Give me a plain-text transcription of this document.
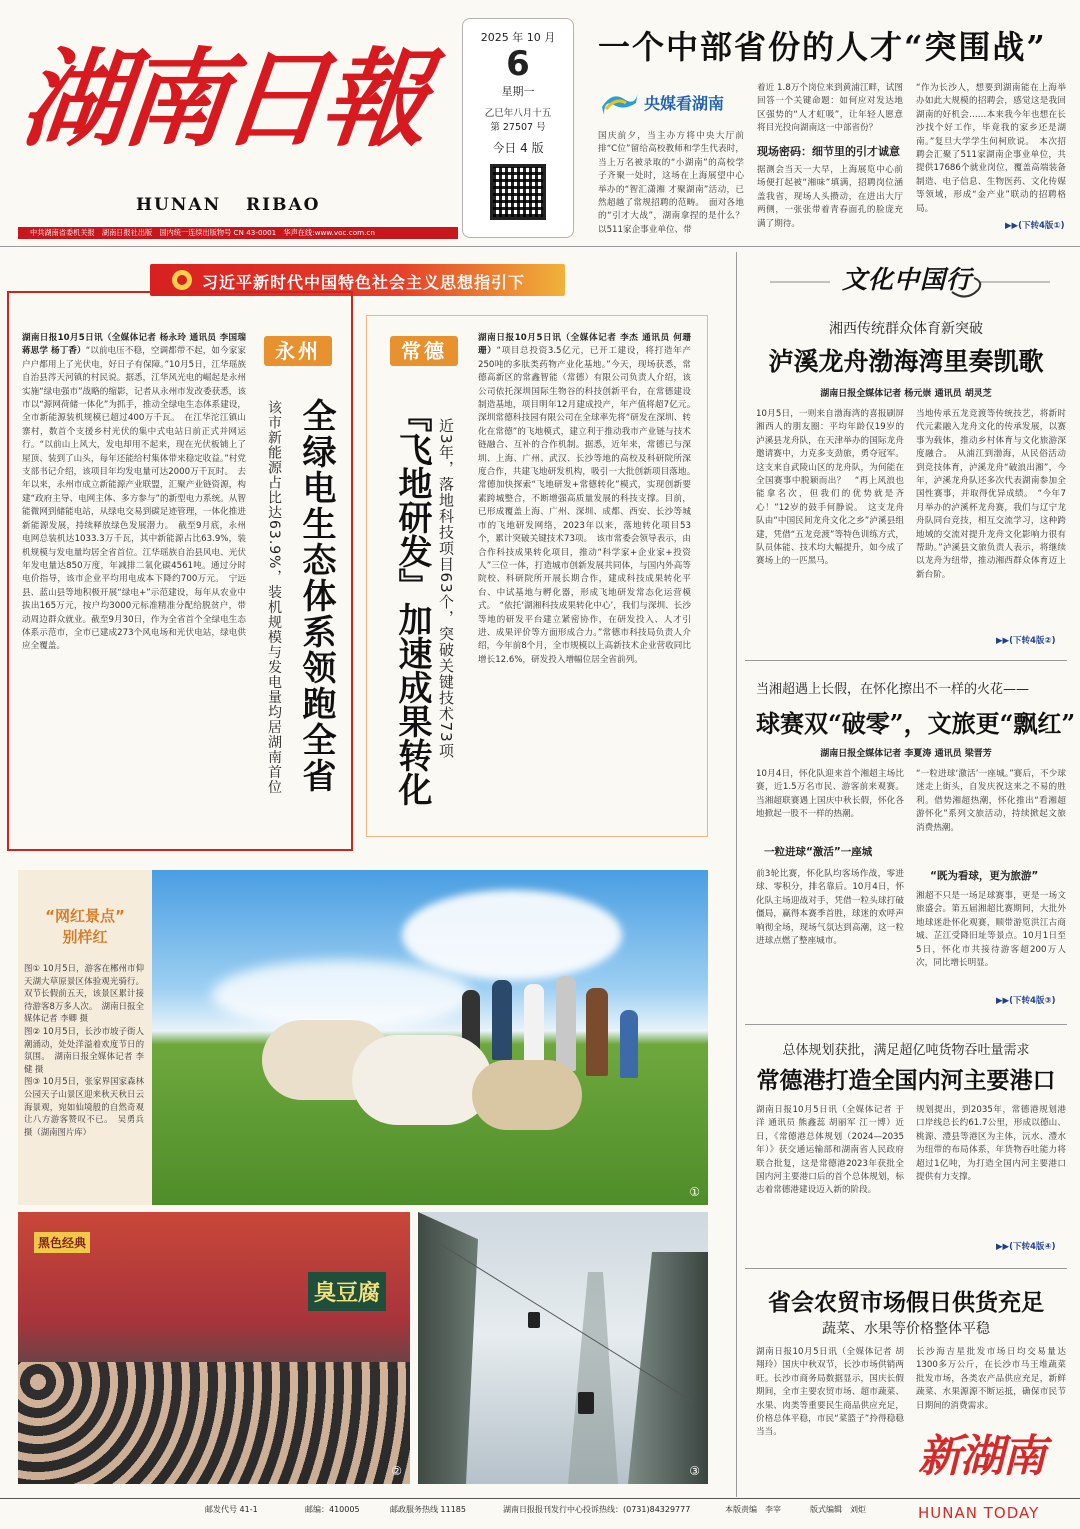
湖南日報
HUNAN RIBAO
中共湖南省委机关报　湖南日报社出版　国内统一连续出版物号 CN 43-0001　华声在线:www.voc.com.cn
2025 年 10 月
6
星期一
乙巳年八月十五
第 27507 号
今日 4 版
一个中部省份的人才“突围战”
央媒看湖南
国庆前夕，当主办方将中央大厅前排“C位”留给高校教师和学生代表时，当上万名被录取的“小湖南”的高校学子齐聚一处时，这场在上海展望中心举办的“智汇潇湘 才聚湖南”活动，已然超越了常规招聘的范畴。　面对各地的“引才大战”，湖南拿捏的是什么？以511家企事业单位、带
着近 1.8万个岗位来到黄浦江畔，试图回答一个关键命题：如何应对发达地区强势的“人才虹吸”，让年轻人愿意将目光投向湖南这一中部省份？
现场密码：细节里的引才诚意
据测会当天一大早，上海展览中心前场便打起被“湘味”填满，招聘岗位涵盖我省，现场人头攒动，在进出大厅两侧，一张张带着青春面孔的脸庞充满了期待。
“作为长沙人，想要到湖南能在上海举办如此大规模的招聘会，感觉这是我回湖南的好机会……本来我今年也想在长沙找个好工作，毕竟我的家乡还是湖南。”复旦大学学生何柯欣说。　本次招聘会汇聚了511家湖南企事业单位，共提供17686个就业岗位，覆盖高端装备制造、电子信息、生物医药、文化传媒等领域，形成“金产业”联动的招聘格局。
▶▶(下转4版①)
习近平新时代中国特色社会主义思想指引下
湖南日报10月5日讯（全媒体记者 杨永玲 通讯员 李国瑞 蒋思学 杨丁香）“以前电压不稳，空调都带不起，如今家家户户都用上了光伏电，好日子有保障。”10月5日，江华瑶族自治县涔天河镇的村民说。据悉，江华风光电的崛起是永州实施“绿电强市”战略的缩影，记者从永州市发改委获悉，该市以“源网荷储一体化”为抓手，推动全绿电生态体系建设，全市新能源装机规模已超过400万千瓦。　在江华沱江镇山寨村，数首个支援乡村光伏的集中式电站日前正式并网运行。“以前山上风大，发电却用不起来，现在光伏板铺上了屋顶、装到了山头，每年还能给村集体带来稳定收益。”村党支部书记介绍，该项目年均发电量可达2000万千瓦时。　去年以来，永州市成立新能源产业联盟，汇聚产业链资源，构建“政府主导、电网主体、多方参与”的新型电力系统。从智能微网到储能电站，从绿电交易到碳足迹管理，一体化推进新能源发展，持续释放绿色发展潜力。　截至9月底，永州电网总装机达1033.3万千瓦，其中新能源占比63.9%，装机规模与发电量均居全省首位。江华瑶族自治县风电、光伏年发电量达850万度，年减排二氧化碳4561吨。通过分时电价指导，该市企业平均用电成本下降约700万元。　宁远县、蓝山县等地积极开展“绿电+”示范建设，每年从农业中拔出165万元，按户均3000元标准精准分配给脱贫户，带动周边群众就业。截至9月30日，作为全省首个全绿电生态体系示范市，全市已建成273个风电场和光伏电站，绿电供应全覆盖。
永州
全绿电生态体系领跑全省
该市新能源占比达63.9%，装机规模与发电量均居湖南首位
常德
『飞地研发』加速成果转化 近3年，落地科技项目63个，突破关键技术73项
湖南日报10月5日讯（全媒体记者 李杰 通讯员 何珊珊）“项目总投资3.5亿元，已开工建设，将打造年产250吨的多肽类药物产业化基地。”今天，现场获悉，常德高新区的常鑫智能（常德）有限公司负责人介绍，该公司依托深圳国际生物谷的科技创新平台，在常德建设制造基地，项目明年12月建成投产，年产值将超7亿元。　深圳常德科技园有限公司在全球率先将“研发在深圳、转化在常德”的飞地模式，建立利于推动我市产业链与技术链融合、互补的合作机制。据悉，近年来，常德已与深圳、上海、广州、武汉、长沙等地的高校及科研院所深度合作，共建飞地研发机构，吸引一大批创新项目落地。　常德加快探索“飞地研发+常德转化”模式，实现创新要素跨城整合，不断增强高质量发展的科技支撑。目前，已形成覆盖上海、广州、深圳、成都、西安、长沙等城市的飞地研发网络，2023年以来，落地转化项目53个，累计突破关键技术73项。　该市常委会领导表示，由合作科技成果转化项目，推动“科学家+企业家+投资人”三位一体，打造城市创新发展共同体，与国内外高等院校、科研院所开展长期合作，建成科技成果转化平台、中试基地与孵化器，形成飞地研发常态化运营模式。　“依托‘湖湘科技成果转化中心’，我们与深圳、长沙等地的研发平台建立紧密协作，在研发投入、人才引进、成果评价等方面形成合力。”常德市科技局负责人介绍，今年前8个月，全市规模以上高新技术企业营收同比增长12.6%，研发投入增幅位居全省前列。
文化中国行
湘西传统群众体育新突破
泸溪龙舟渤海湾里奏凯歌
湖南日报全媒体记者 杨元崇 通讯员 胡灵芝
10月5日，一则来自渤海湾的喜报刷屏湘西人的朋友圈：平均年龄仅19岁的泸溪县龙舟队，在天津举办的国际龙舟邀请赛中，力克多支劲旅，勇夺冠军。这支来自武陵山区的龙舟队，为何能在全国赛事中脱颖而出？　“再上风浪也能拿名次，但我们的优势就是齐心！”12岁的鼓手何静说。　这支龙舟队由“中国民间龙舟文化之乡”泸溪县组建，凭借“五龙竞渡”等特色训练方式，队员体能、技术均大幅提升，如今成了赛场上的一匹黑马。
当地传承五龙竞渡等传统技艺，将新时代元素融入龙舟文化的传承发展，以赛事为载体，推动乡村体育与文化旅游深度融合。　从浦江到渤海，从民俗活动到竞技体育，泸溪龙舟“破浪出湘”，今年，泸溪龙舟队还多次代表湖南参加全国性赛事，并取得优异成绩。　“今年7月举办的泸溪杯龙舟赛，我们与辽宁龙舟队同台竞技，相互交流学习，这种跨地域的交流对提升龙舟文化影响力很有帮助。”泸溪县文旅负责人表示，将继续以龙舟为纽带，推动湘西群众体育迈上新台阶。
▶▶(下转4版②)
当湘超遇上长假，在怀化擦出不一样的火花——
球赛双“破零”，文旅更“飘红”
湖南日报全媒体记者 李夏涛 通讯员 梁晋芳
10月4日，怀化队迎来首个湘超主场比赛，近1.5万名市民、游客前来观赛。当湘超联赛遇上国庆中秋长假，怀化各地掀起一股不一样的热潮。
一粒进球“激活”一座城
前3轮比赛，怀化队均客场作战，零进球、零积分，排名靠后。10月4日，怀化队主场迎战对手，凭借一粒头球打破僵局，赢得本赛季首胜，球迷的欢呼声响彻全场，现场气氛达到高潮，这一粒进球点燃了整座城市。
“一粒进球‘激活’一座城。”赛后，不少球迷走上街头，自发庆祝这来之不易的胜利。借势湘超热潮，怀化推出“看湘超 游怀化”系列文旅活动，持续掀起文旅消费热潮。
“既为看球，更为旅游”
湘超不只是一场足球赛事，更是一场文旅盛会。第五届湘超比赛期间，大批外地球迷赴怀化观赛，顺带游览洪江古商城、芷江受降旧址等景点。10月1日至5日，怀化市共接待游客超200万人次，同比增长明显。
▶▶(下转4版③)
总体规划获批，满足超亿吨货物吞吐量需求
常德港打造全国内河主要港口
湖南日报10月5日讯（全媒体记者 于洋 通讯员 熊鑫蕊 胡丽军 江一博）近日，《常德港总体规划（2024—2035年）》获交通运输部和湖南省人民政府联合批复，这是常德港2023年获批全国内河主要港口后的首个总体规划，标志着常德港建设迈入新的阶段。
规划提出，到2035年，常德港规划港口岸线总长约61.7公里，形成以德山、桃源、澧县等港区为主体，沅水、澧水为纽带的布局体系，年货物吞吐能力将超过1亿吨，为打造全国内河主要港口提供有力支撑。
▶▶(下转4版④)
省会农贸市场假日供货充足
蔬菜、水果等价格整体平稳
湖南日报10月5日讯（全媒体记者 胡翔玲）国庆中秋双节，长沙市场供销两旺。长沙市商务局数据显示，国庆长假期间，全市主要农贸市场、超市蔬菜、水果、肉类等重要民生商品供应充足，价格总体平稳，市民“菜篮子”拎得稳稳当当。
长沙海吉星批发市场日均交易量达1300多万公斤，在长沙市马王堆蔬菜批发市场，各类农产品供应充足，新鲜蔬菜、水果源源不断运抵，确保市民节日期间的消费需求。
“网红景点”
别样红
图① 10月5日，游客在郴州市仰天湖大草原景区体验观光骑行。双节长假前五天，该景区累计接待游客8万多人次。　湖南日报全媒体记者 李卿 摄
图② 10月5日，长沙市坡子街人潮涌动，处处洋溢着欢度节日的氛围。　湖南日报全媒体记者 李健 摄
图③ 10月5日，张家界国家森林公园天子山景区迎来秋天秋日云海景观，宛如仙境般的自然奇观让八方游客赞叹不已。　吴勇兵 摄（湖南图片库）
①
黑色经典
臭豆腐
②	③
邮发代号 41-1	邮编：410005	邮政服务热线 11185	湖南日报报刊发行中心投诉热线：(0731)84329777	本版责编　李宰	版式编辑　刘炬
新湖南
HUNAN TODAY
